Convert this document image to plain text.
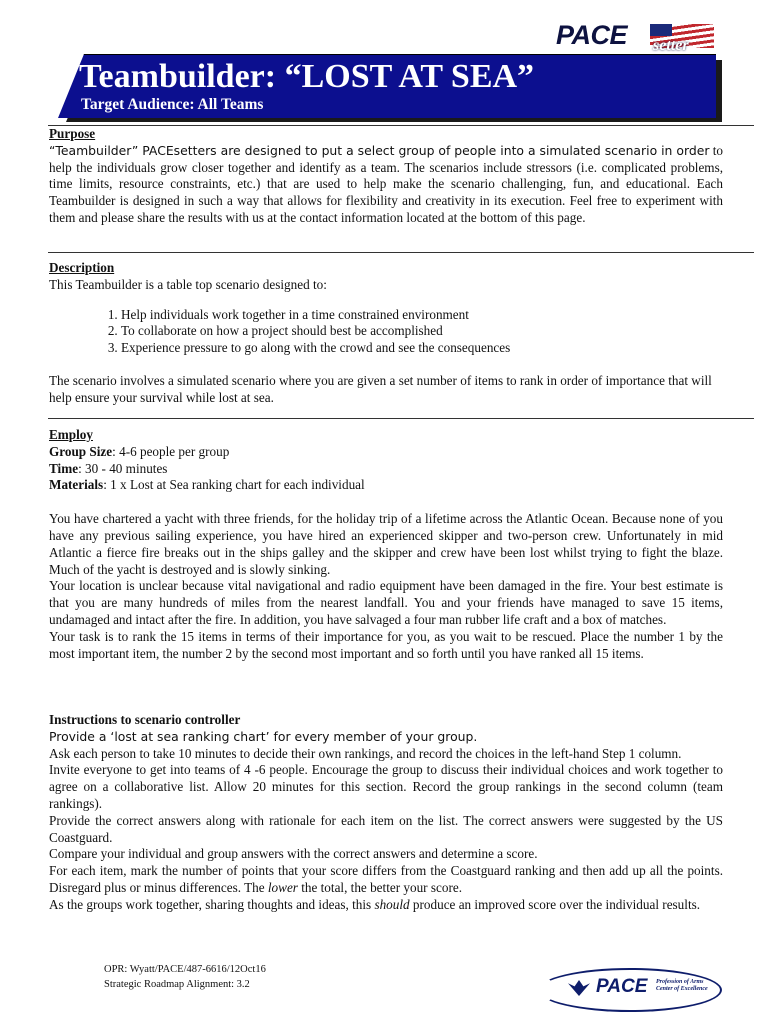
PACE setter
Teambuilder: “LOST AT SEA”
Target Audience: All Teams
Purpose

“Teambuilder” PACEsetters are designed to put a select group of people into a simulated scenario in order to help the individuals grow closer together and identify as a team. The scenarios include stressors (i.e. complicated problems, time limits, resource constraints, etc.) that are used to help make the scenario challenging, fun, and educational. Each Teambuilder is designed in such a way that allows for flexibility and creativity in its execution. Feel free to experiment with them and please share the results with us at the contact information located at the bottom of this page.

Description

This Teambuilder is a table top scenario designed to:

1. Help individuals work together in a time constrained environment
2. To collaborate on how a project should best be accomplished
3. Experience pressure to go along with the crowd and see the consequences

The scenario involves a simulated scenario where you are given a set number of items to rank in order of importance that will help ensure your survival while lost at sea.

Employ

Group Size: 4-6 people per group

Time: 30 - 40 minutes

Materials: 1 x Lost at Sea ranking chart for each individual

You have chartered a yacht with three friends, for the holiday trip of a lifetime across the Atlantic Ocean. Because none of you have any previous sailing experience, you have hired an experienced skipper and two-person crew. Unfortunately in mid Atlantic a fierce fire breaks out in the ships galley and the skipper and crew have been lost whilst trying to fight the blaze. Much of the yacht is destroyed and is slowly sinking.

Your location is unclear because vital navigational and radio equipment have been damaged in the fire. Your best estimate is that you are many hundreds of miles from the nearest landfall. You and your friends have managed to save 15 items, undamaged and intact after the fire. In addition, you have salvaged a four man rubber life craft and a box of matches.

Your task is to rank the 15 items in terms of their importance for you, as you wait to be rescued. Place the number 1 by the most important item, the number 2 by the second most important and so forth until you have ranked all 15 items.

Instructions to scenario controller

Provide a ‘lost at sea ranking chart’ for every member of your group.

Ask each person to take 10 minutes to decide their own rankings, and record the choices in the left-hand Step 1 column.

Invite everyone to get into teams of 4 -6 people. Encourage the group to discuss their individual choices and work together to agree on a collaborative list. Allow 20 minutes for this section. Record the group rankings in the second column (team rankings).

Provide the correct answers along with rationale for each item on the list. The correct answers were suggested by the US Coastguard.

Compare your individual and group answers with the correct answers and determine a score.

For each item, mark the number of points that your score differs from the Coastguard ranking and then add up all the points. Disregard plus or minus differences. The lower the total, the better your score.

As the groups work together, sharing thoughts and ideas, this should produce an improved score over the individual results.

OPR: Wyatt/PACE/487-6616/12Oct16
Strategic Roadmap Alignment: 3.2	PACE Profession of Arms Center of Excellence
